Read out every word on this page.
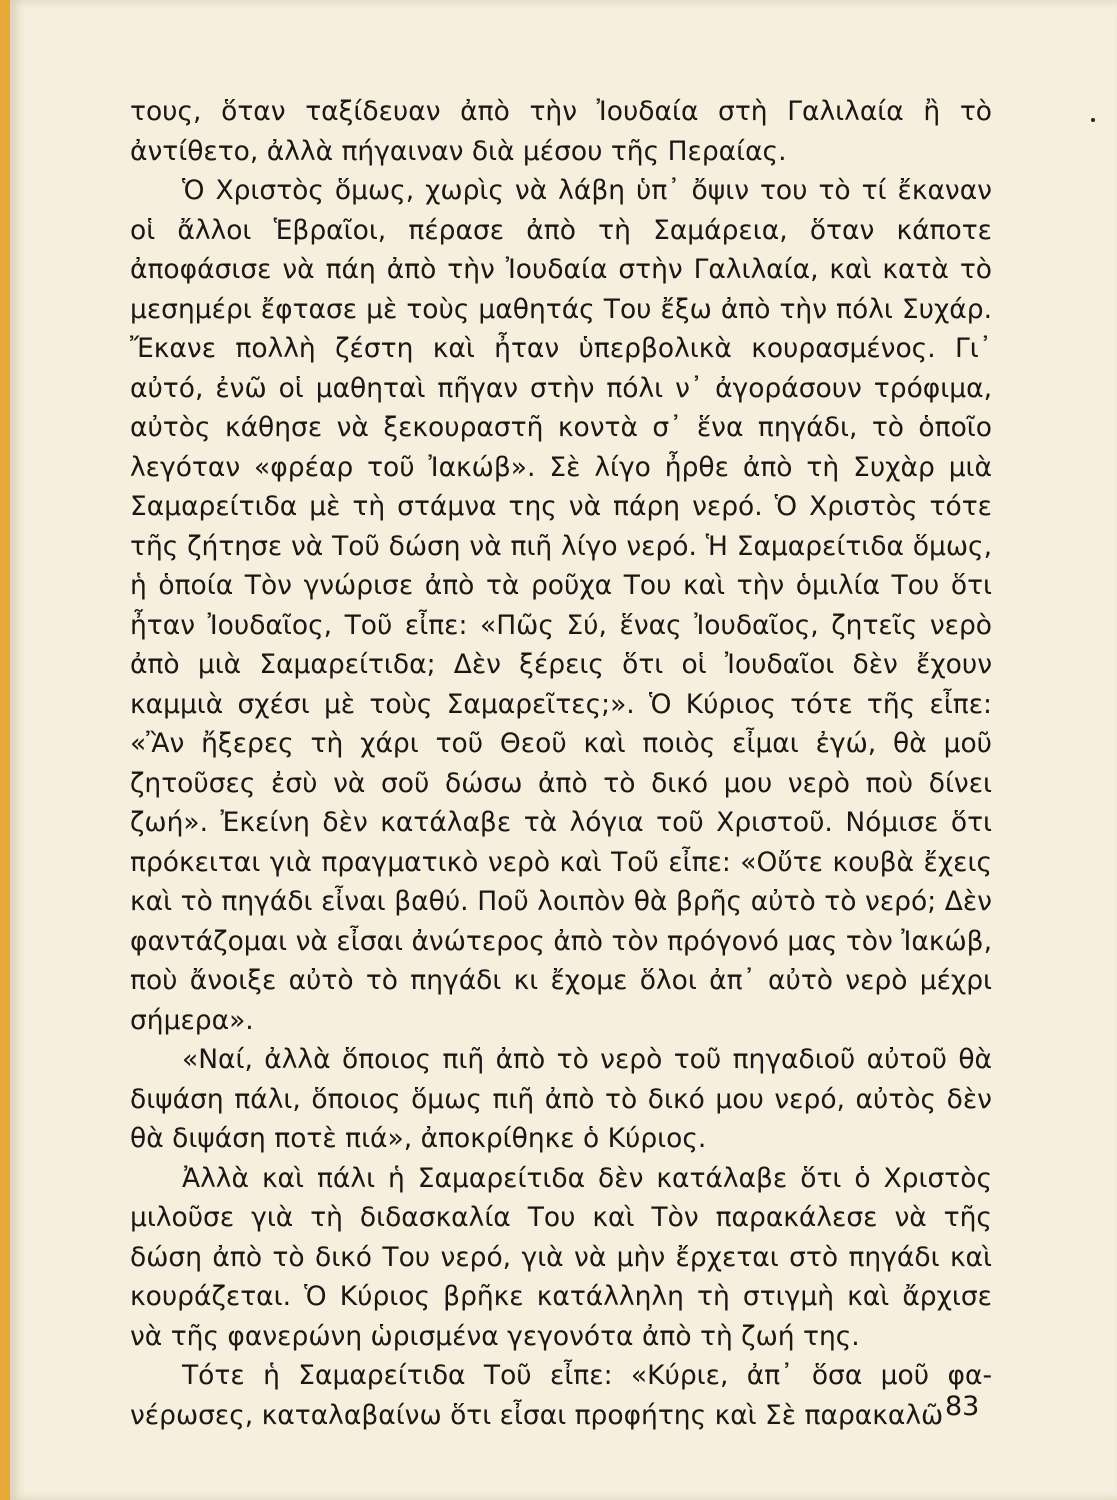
τους, ὅταν ταξίδευαν ἀπὸ τὴν Ἰουδαία στὴ Γαλιλαία ἢ τὸ ἀντίθετο, ἀλλὰ πήγαιναν διὰ μέσου τῆς Περαίας.

Ὁ Χριστὸς ὅμως, χωρὶς νὰ λάβη ὑπ᾿ ὄψιν του τὸ τί ἔκαναν οἱ ἄλλοι Ἑβραῖοι, πέρασε ἀπὸ τὴ Σαμάρεια, ὅταν κάποτε ἀποφάσισε νὰ πάη ἀπὸ τὴν Ἰουδαία στὴν Γαλιλαία, καὶ κατὰ τὸ μεσημέρι ἔφτασε μὲ τοὺς μαθητάς Του ἔξω ἀπὸ τὴν πόλι Συχάρ. Ἔκανε πολλὴ ζέστη καὶ ἦταν ὑπερβολικὰ κουρασμένος. Γι᾿ αὐτό, ἐνῶ οἱ μαθηταὶ πῆγαν στὴν πόλι ν᾿ ἀγοράσουν τρόφιμα, αὐτὸς κάθησε νὰ ξεκουραστῆ κοντὰ σ᾿ ἕνα πηγάδι, τὸ ὁποῖο λεγόταν «φρέαρ τοῦ Ἰακώβ». Σὲ λίγο ἦρθε ἀπὸ τὴ Συχὰρ μιὰ Σαμαρείτιδα μὲ τὴ στάμνα της νὰ πάρη νερό. Ὁ Χριστὸς τότε τῆς ζήτησε νὰ Τοῦ δώση νὰ πιῆ λίγο νερό. Ἡ Σαμαρείτιδα ὅμως, ἡ ὁποία Τὸν γνώρισε ἀπὸ τὰ ροῦχα Του καὶ τὴν ὁμιλία Του ὅτι ἦταν Ἰουδαῖος, Τοῦ εἶπε: «Πῶς Σύ, ἕνας Ἰουδαῖος, ζητεῖς νερὸ ἀπὸ μιὰ Σαμαρείτιδα; Δὲν ξέρεις ὅτι οἱ Ἰουδαῖοι δὲν ἔχουν καμμιὰ σχέσι μὲ τοὺς Σαμαρεῖτες;». Ὁ Κύριος τότε τῆς εἶπε: «Ἂν ἤξερες τὴ χάρι τοῦ Θεοῦ καὶ ποιὸς εἶμαι ἐγώ, θὰ μοῦ ζητοῦσες ἐσὺ νὰ σοῦ δώσω ἀπὸ τὸ δικό μου νερὸ ποὺ δίνει ζωή». Ἐκείνη δὲν κατάλαβε τὰ λόγια τοῦ Χριστοῦ. Νόμισε ὅτι πρόκειται γιὰ πραγματικὸ νερὸ καὶ Τοῦ εἶπε: «Οὔτε κουβὰ ἔχεις καὶ τὸ πηγάδι εἶναι βαθύ. Ποῦ λοιπὸν θὰ βρῆς αὐτὸ τὸ νερό; Δὲν φαντάζομαι νὰ εἶσαι ἀνώτερος ἀπὸ τὸν πρόγονό μας τὸν Ἰακώβ, ποὺ ἄνοιξε αὐτὸ τὸ πηγάδι κι ἔχομε ὅλοι ἀπ᾿ αὐτὸ νερὸ μέχρι σήμερα».

«Ναί, ἀλλὰ ὅποιος πιῆ ἀπὸ τὸ νερὸ τοῦ πηγαδιοῦ αὐτοῦ θὰ διψάση πάλι, ὅποιος ὅμως πιῆ ἀπὸ τὸ δικό μου νερό, αὐτὸς δὲν θὰ διψάση ποτὲ πιά», ἀποκρίθηκε ὁ Κύριος.

Ἀλλὰ καὶ πάλι ἡ Σαμαρείτιδα δὲν κατάλαβε ὅτι ὁ Χριστὸς μιλοῦσε γιὰ τὴ διδασκαλία Του καὶ Τὸν παρακάλεσε νὰ τῆς δώση ἀπὸ τὸ δικό Του νερό, γιὰ νὰ μὴν ἔρχεται στὸ πηγάδι καὶ κουράζεται. Ὁ Κύριος βρῆκε κατάλληλη τὴ στιγμὴ καὶ ἄρχισε νὰ τῆς φανερώνη ὡρισμένα γεγονότα ἀπὸ τὴ ζωή της.

Τότε ἡ Σαμαρείτιδα Τοῦ εἶπε: «Κύριε, ἀπ᾿ ὅσα μοῦ φανέρωσες, καταλαβαίνω ὅτι εἶσαι προφήτης καὶ Σὲ παρακαλῶ 83
